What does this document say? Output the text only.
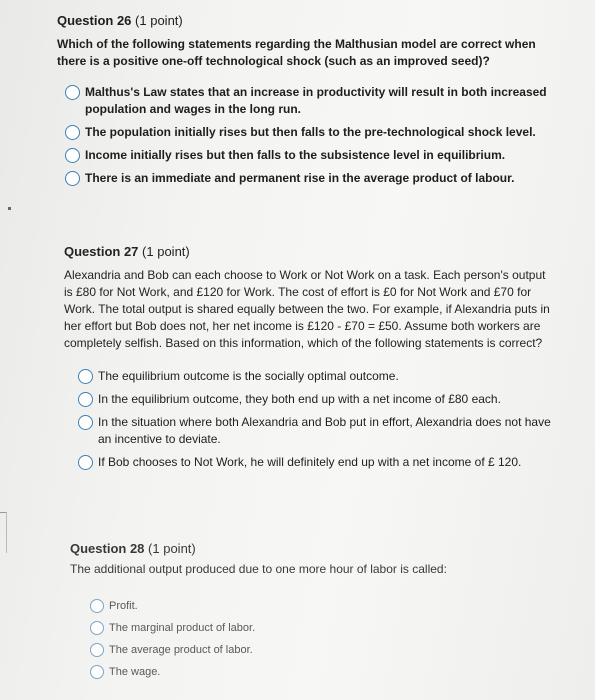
Question 26 (1 point)
Which of the following statements regarding the Malthusian model are correct when there is a positive one-off technological shock (such as an improved seed)?
Malthus's Law states that an increase in productivity will result in both increased population and wages in the long run.
The population initially rises but then falls to the pre-technological shock level.
Income initially rises but then falls to the subsistence level in equilibrium.
There is an immediate and permanent rise in the average product of labour.
Question 27 (1 point)
Alexandria and Bob can each choose to Work or Not Work on a task. Each person's output is £80 for Not Work, and £120 for Work. The cost of effort is £0 for Not Work and £70 for Work. The total output is shared equally between the two. For example, if Alexandria puts in her effort but Bob does not, her net income is £120 - £70 = £50. Assume both workers are completely selfish. Based on this information, which of the following statements is correct?
The equilibrium outcome is the socially optimal outcome.
In the equilibrium outcome, they both end up with a net income of £80 each.
In the situation where both Alexandria and Bob put in effort, Alexandria does not have an incentive to deviate.
If Bob chooses to Not Work, he will definitely end up with a net income of £ 120.
Question 28 (1 point)
The additional output produced due to one more hour of labor is called:
Profit.
The marginal product of labor.
The average product of labor.
The wage.
